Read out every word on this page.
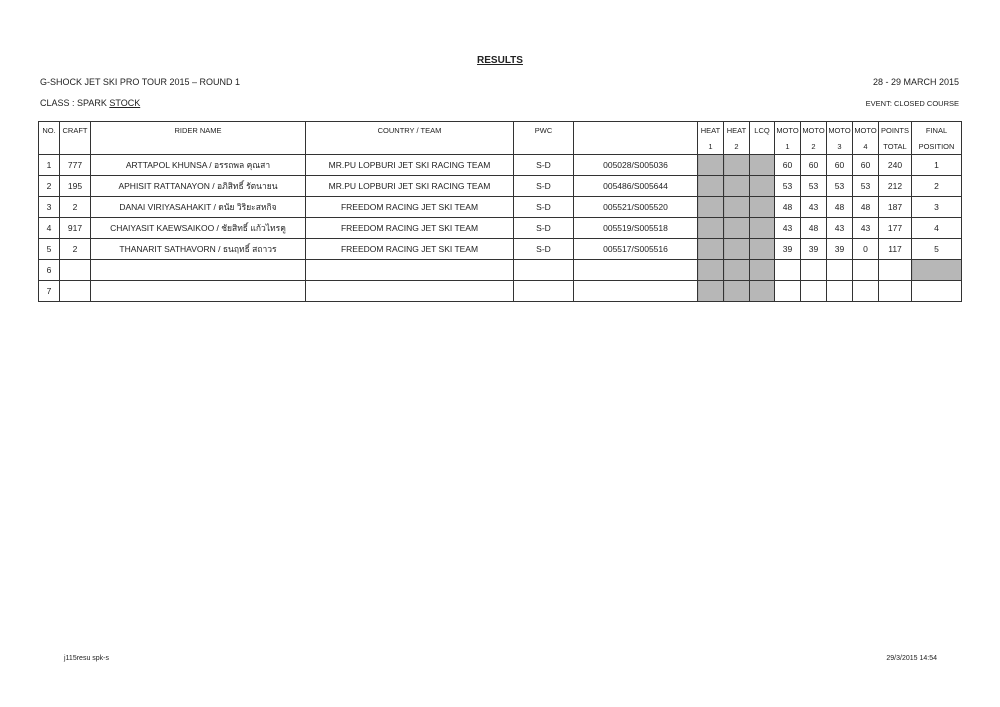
RESULTS
G-SHOCK JET SKI PRO TOUR 2015 – ROUND 1	28 - 29 MARCH 2015
CLASS : SPARK STOCK	EVENT: CLOSED COURSE
NO.	CRAFT	RIDER NAME	COUNTRY / TEAM	PWC		HEAT	HEAT	LCQ	MOTO	MOTO	MOTO	MOTO	POINTS	FINAL
						1	2		1	2	3	4	TOTAL	POSITION
1	777	ARTTAPOL KHUNSA / อรรถพล คุณสา	MR.PU LOPBURI JET SKI RACING TEAM	S-D	005028/S005036				60	60	60	60	240	1
2	195	APHISIT RATTANAYON / อภิสิทธิ์ รัตนายน	MR.PU LOPBURI JET SKI RACING TEAM	S-D	005486/S005644				53	53	53	53	212	2
3	2	DANAI VIRIYASAHAKIT / ดนัย วิริยะสหกิจ	FREEDOM RACING JET SKI TEAM	S-D	005521/S005520				48	43	48	48	187	3
4	917	CHAIYASIT KAEWSAIKOO / ชัยสิทธิ์ แก้วไทรคู	FREEDOM RACING JET SKI TEAM	S-D	005519/S005518				43	48	43	43	177	4
5	2	THANARIT SATHAVORN / ธนฤทธิ์ สถาวร	FREEDOM RACING JET SKI TEAM	S-D	005517/S005516				39	39	39	0	117	5
6														
7														
j115resu spk-s	29/3/2015 14:54
